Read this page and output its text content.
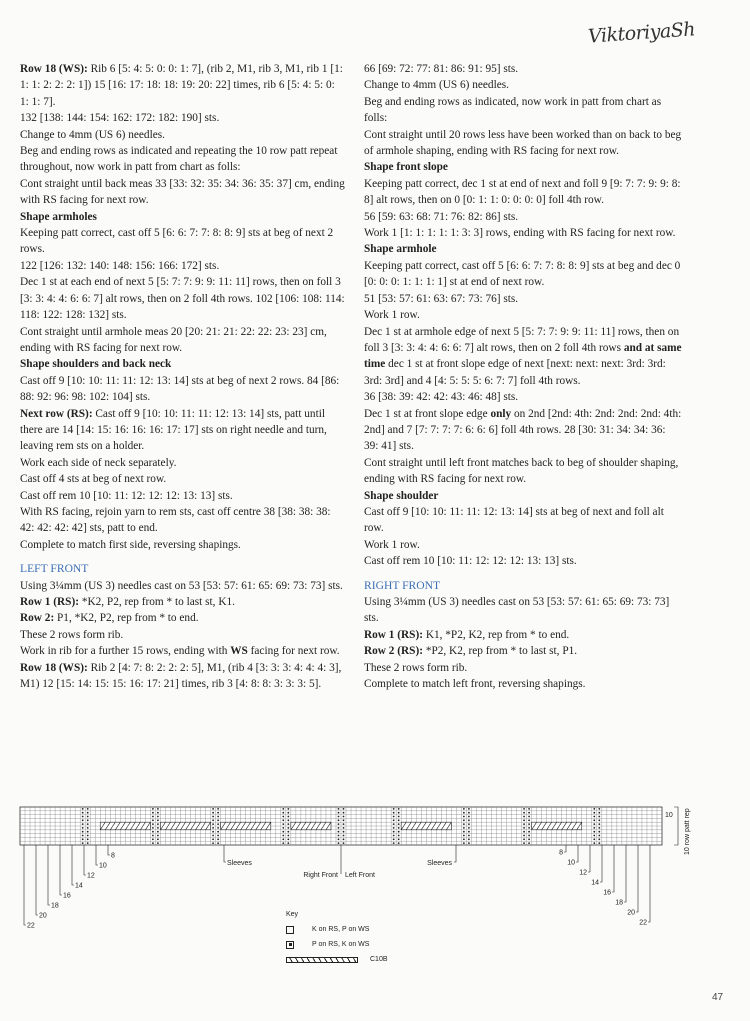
ViktoriyaSh
Row 18 (WS): Rib 6 [5: 4: 5: 0: 0: 1: 7], (rib 2, M1, rib 3, M1, rib 1 [1: 1: 1: 2: 2: 2: 1]) 15 [16: 17: 18: 18: 19: 20: 22] times, rib 6 [5: 4: 5: 0: 1: 1: 7].
132 [138: 144: 154: 162: 172: 182: 190] sts.
Change to 4mm (US 6) needles.
Beg and ending rows as indicated and repeating the 10 row patt repeat throughout, now work in patt from chart as folls:
Cont straight until back meas 33 [33: 32: 35: 34: 36: 35: 37] cm, ending with RS facing for next row.
Shape armholes
Keeping patt correct, cast off 5 [6: 6: 7: 7: 8: 8: 9] sts at beg of next 2 rows.
122 [126: 132: 140: 148: 156: 166: 172] sts.
Dec 1 st at each end of next 5 [5: 7: 7: 9: 9: 11: 11] rows, then on foll 3 [3: 3: 4: 4: 6: 6: 7] alt rows, then on 2 foll 4th rows. 102 [106: 108: 114: 118: 122: 128: 132] sts.
Cont straight until armhole meas 20 [20: 21: 21: 22: 22: 23: 23] cm, ending with RS facing for next row.
Shape shoulders and back neck
Cast off 9 [10: 10: 11: 11: 12: 13: 14] sts at beg of next 2 rows. 84 [86: 88: 92: 96: 98: 102: 104] sts.
Next row (RS): Cast off 9 [10: 10: 11: 11: 12: 13: 14] sts, patt until there are 14 [14: 15: 16: 16: 16: 17: 17] sts on right needle and turn, leaving rem sts on a holder.
Work each side of neck separately.
Cast off 4 sts at beg of next row.
Cast off rem 10 [10: 11: 12: 12: 12: 13: 13] sts.
With RS facing, rejoin yarn to rem sts, cast off centre 38 [38: 38: 38: 42: 42: 42: 42] sts, patt to end.
Complete to match first side, reversing shapings.
LEFT FRONT
Using 3¼mm (US 3) needles cast on 53 [53: 57: 61: 65: 69: 73: 73] sts.
Row 1 (RS): *K2, P2, rep from * to last st, K1.
Row 2: P1, *K2, P2, rep from * to end.
These 2 rows form rib.
Work in rib for a further 15 rows, ending with WS facing for next row.
Row 18 (WS): Rib 2 [4: 7: 8: 2: 2: 2: 5], M1, (rib 4 [3: 3: 3: 4: 4: 4: 3], M1) 12 [15: 14: 15: 15: 16: 17: 21] times, rib 3 [4: 8: 8: 3: 3: 3: 5].
66 [69: 72: 77: 81: 86: 91: 95] sts.
Change to 4mm (US 6) needles.
Beg and ending rows as indicated, now work in patt from chart as folls:
Cont straight until 20 rows less have been worked than on back to beg of armhole shaping, ending with RS facing for next row.
Shape front slope
Keeping patt correct, dec 1 st at end of next and foll 9 [9: 7: 7: 9: 9: 8: 8] alt rows, then on 0 [0: 1: 1: 0: 0: 0: 0] foll 4th row.
56 [59: 63: 68: 71: 76: 82: 86] sts.
Work 1 [1: 1: 1: 1: 1: 3: 3] rows, ending with RS facing for next row.
Shape armhole
Keeping patt correct, cast off 5 [6: 6: 7: 7: 8: 8: 9] sts at beg and dec 0 [0: 0: 0: 1: 1: 1: 1] st at end of next row.
51 [53: 57: 61: 63: 67: 73: 76] sts.
Work 1 row.
Dec 1 st at armhole edge of next 5 [5: 7: 7: 9: 9: 11: 11] rows, then on foll 3 [3: 3: 4: 4: 6: 6: 7] alt rows, then on 2 foll 4th rows and at same time dec 1 st at front slope edge of next [next: next: next: 3rd: 3rd: 3rd: 3rd] and 4 [4: 5: 5: 5: 6: 7: 7] foll 4th rows.
36 [38: 39: 42: 42: 43: 46: 48] sts.
Dec 1 st at front slope edge only on 2nd [2nd: 4th: 2nd: 2nd: 2nd: 4th: 2nd] and 7 [7: 7: 7: 7: 6: 6: 6] foll 4th rows. 28 [30: 31: 34: 34: 36: 39: 41] sts.
Cont straight until left front matches back to beg of shoulder shaping, ending with RS facing for next row.
Shape shoulder
Cast off 9 [10: 10: 11: 11: 12: 13: 14] sts at beg of next and foll alt row.
Work 1 row.
Cast off rem 10 [10: 11: 12: 12: 12: 13: 13] sts.
RIGHT FRONT
Using 3¼mm (US 3) needles cast on 53 [53: 57: 61: 65: 69: 73: 73] sts.
Row 1 (RS): K1, *P2, K2, rep from * to end.
Row 2 (RS): *P2, K2, rep from * to last st, P1.
These 2 rows form rib.
Complete to match left front, reversing shapings.
10 10 row patt rep
8
10
12
14
16
18
20
22
8
10
12
14
16
18
20
22
Sleeves	Sleeves
Right Front Left Front
Key
K on RS, P on WS
P on RS, K on WS
C10B
47
